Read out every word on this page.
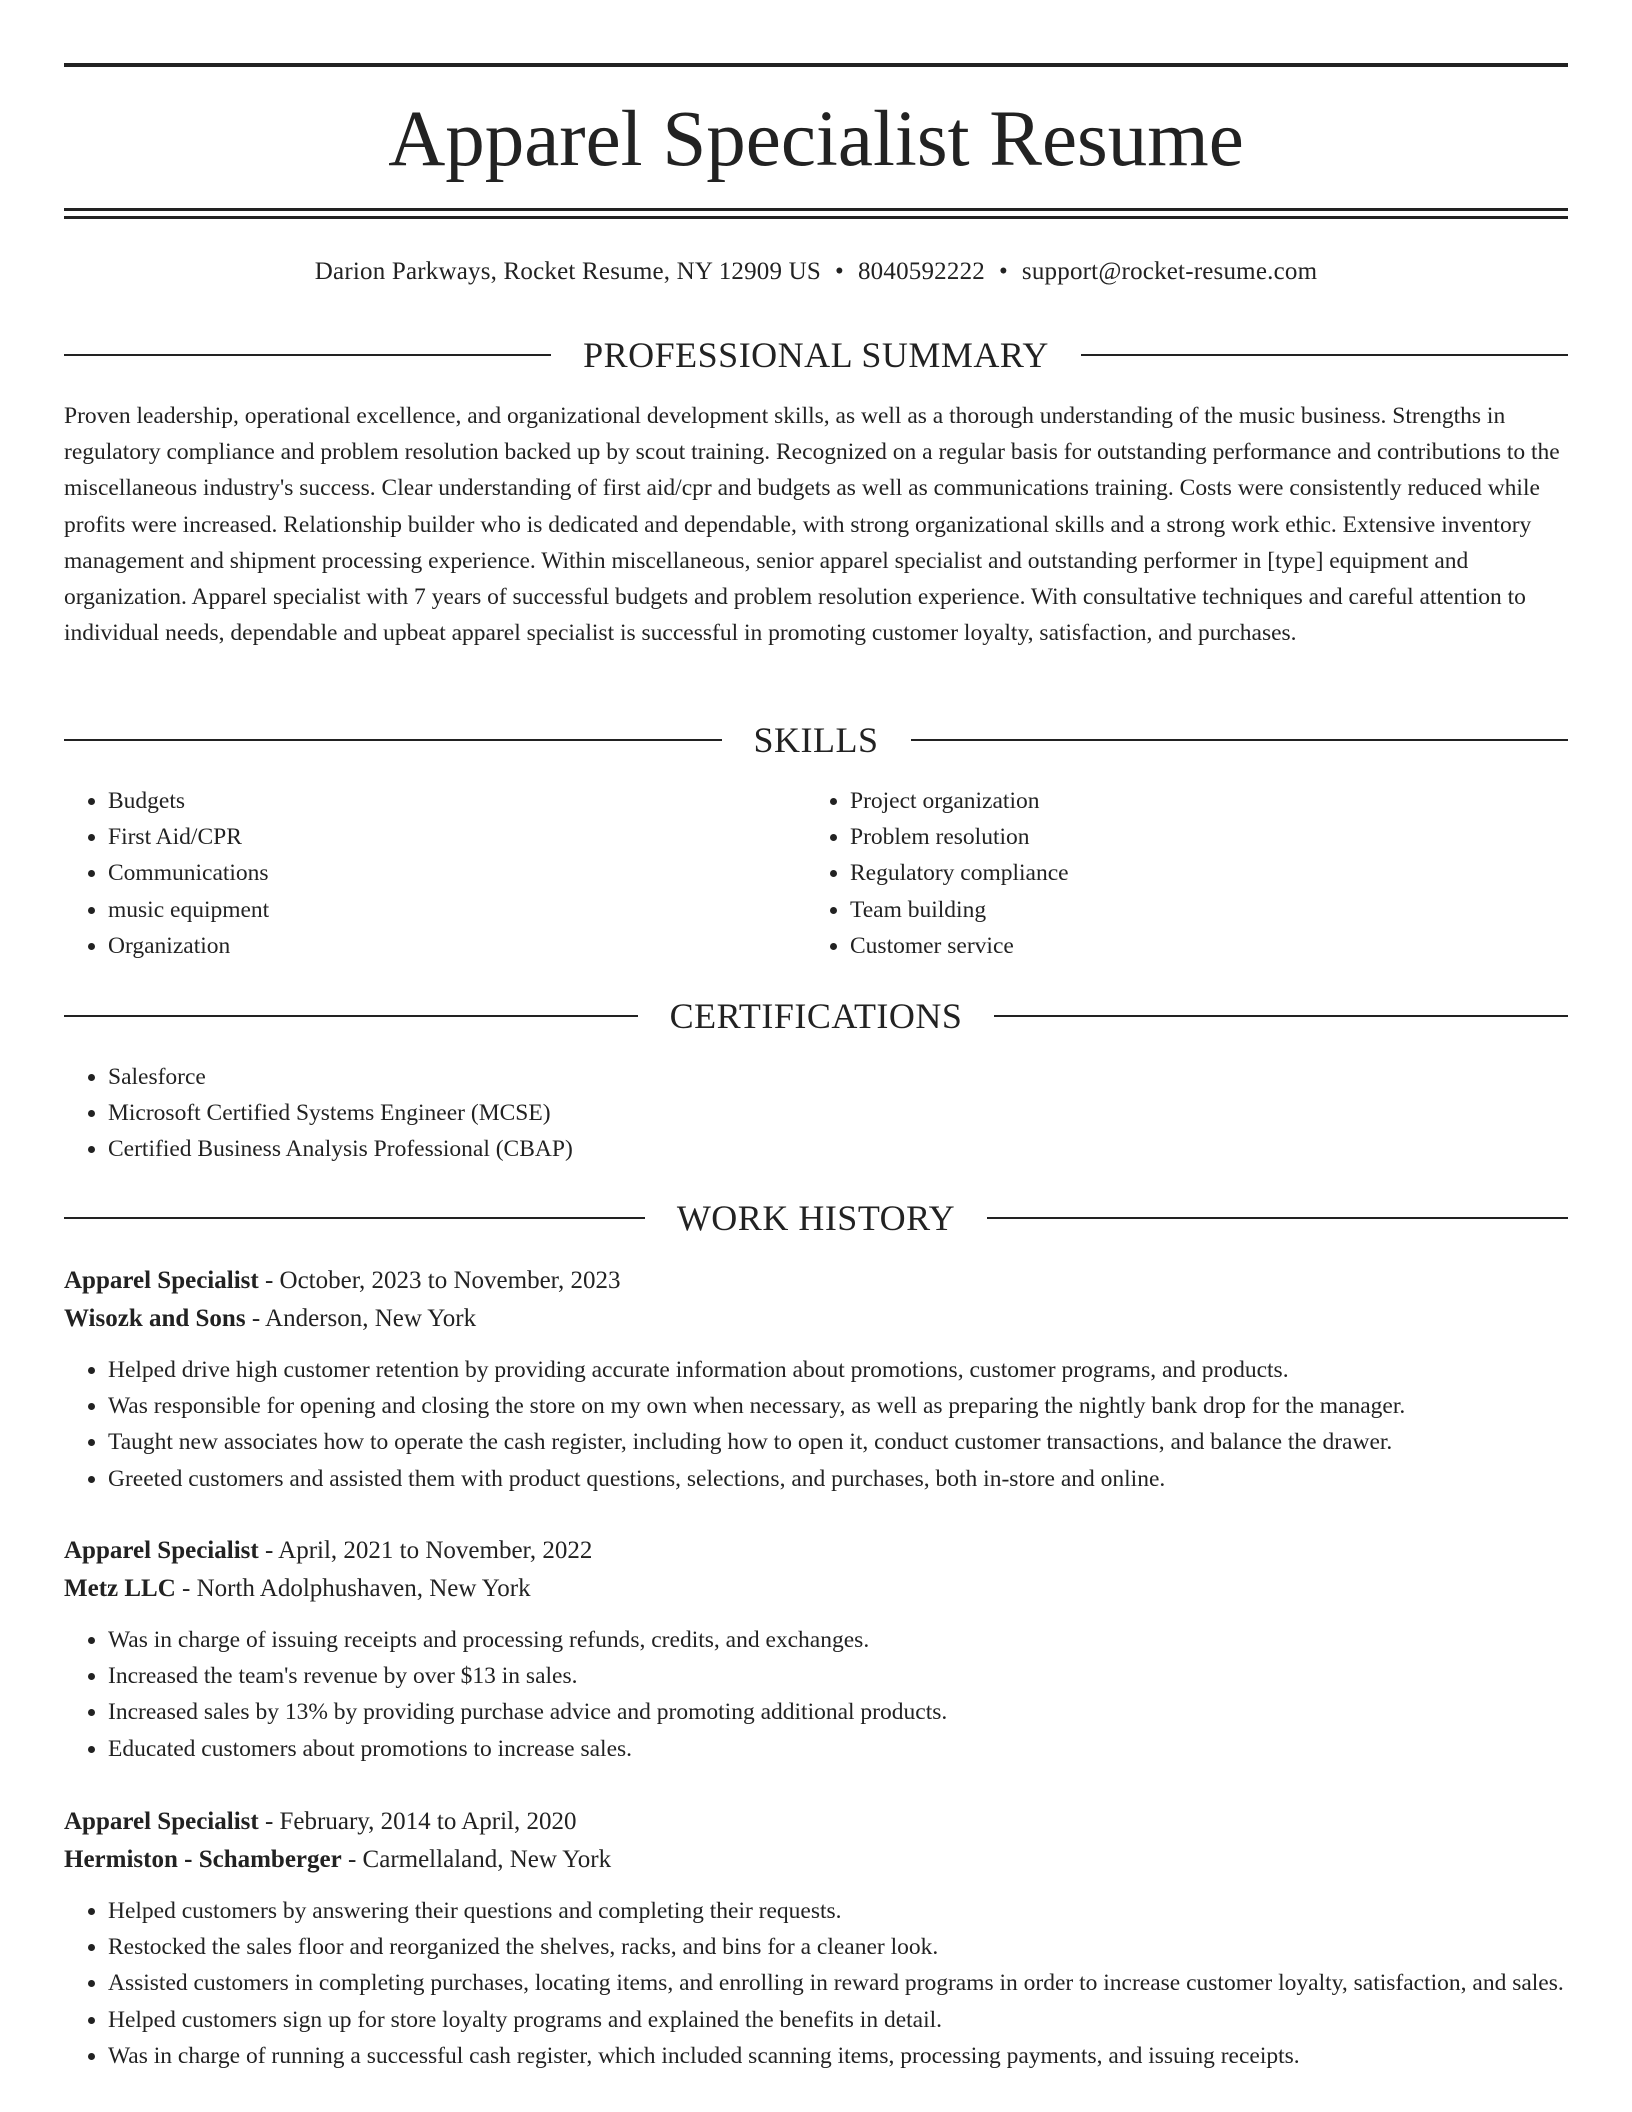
Apparel Specialist Resume
Darion Parkways, Rocket Resume, NY 12909 US • 8040592222 • support@rocket-resume.com
PROFESSIONAL SUMMARY

Proven leadership, operational excellence, and organizational development skills, as well as a thorough understanding of the music business. Strengths in regulatory compliance and problem resolution backed up by scout training. Recognized on a regular basis for outstanding performance and contributions to the miscellaneous industry's success. Clear understanding of first aid/cpr and budgets as well as communications training. Costs were consistently reduced while profits were increased. Relationship builder who is dedicated and dependable, with strong organizational skills and a strong work ethic. Extensive inventory management and shipment processing experience. Within miscellaneous, senior apparel specialist and outstanding performer in [type] equipment and organization. Apparel specialist with 7 years of successful budgets and problem resolution experience. With consultative techniques and careful attention to individual needs, dependable and upbeat apparel specialist is successful in promoting customer loyalty, satisfaction, and purchases.

SKILLS
• Budgets
• First Aid/CPR
• Communications
• music equipment
• Organization
• Project organization
• Problem resolution
• Regulatory compliance
• Team building
• Customer service
CERTIFICATIONS
• Salesforce
• Microsoft Certified Systems Engineer (MCSE)
• Certified Business Analysis Professional (CBAP)
WORK HISTORY

Apparel Specialist - October, 2023 to November, 2023

Wisozk and Sons - Anderson, New York

• Helped drive high customer retention by providing accurate information about promotions, customer programs, and products.
• Was responsible for opening and closing the store on my own when necessary, as well as preparing the nightly bank drop for the manager.
• Taught new associates how to operate the cash register, including how to open it, conduct customer transactions, and balance the drawer.
• Greeted customers and assisted them with product questions, selections, and purchases, both in-store and online.

Apparel Specialist - April, 2021 to November, 2022

Metz LLC - North Adolphushaven, New York

• Was in charge of issuing receipts and processing refunds, credits, and exchanges.
• Increased the team's revenue by over $13 in sales.
• Increased sales by 13% by providing purchase advice and promoting additional products.
• Educated customers about promotions to increase sales.

Apparel Specialist - February, 2014 to April, 2020

Hermiston - Schamberger - Carmellaland, New York

• Helped customers by answering their questions and completing their requests.
• Restocked the sales floor and reorganized the shelves, racks, and bins for a cleaner look.
• Assisted customers in completing purchases, locating items, and enrolling in reward programs in order to increase customer loyalty, satisfaction, and sales.
• Helped customers sign up for store loyalty programs and explained the benefits in detail.
• Was in charge of running a successful cash register, which included scanning items, processing payments, and issuing receipts.
